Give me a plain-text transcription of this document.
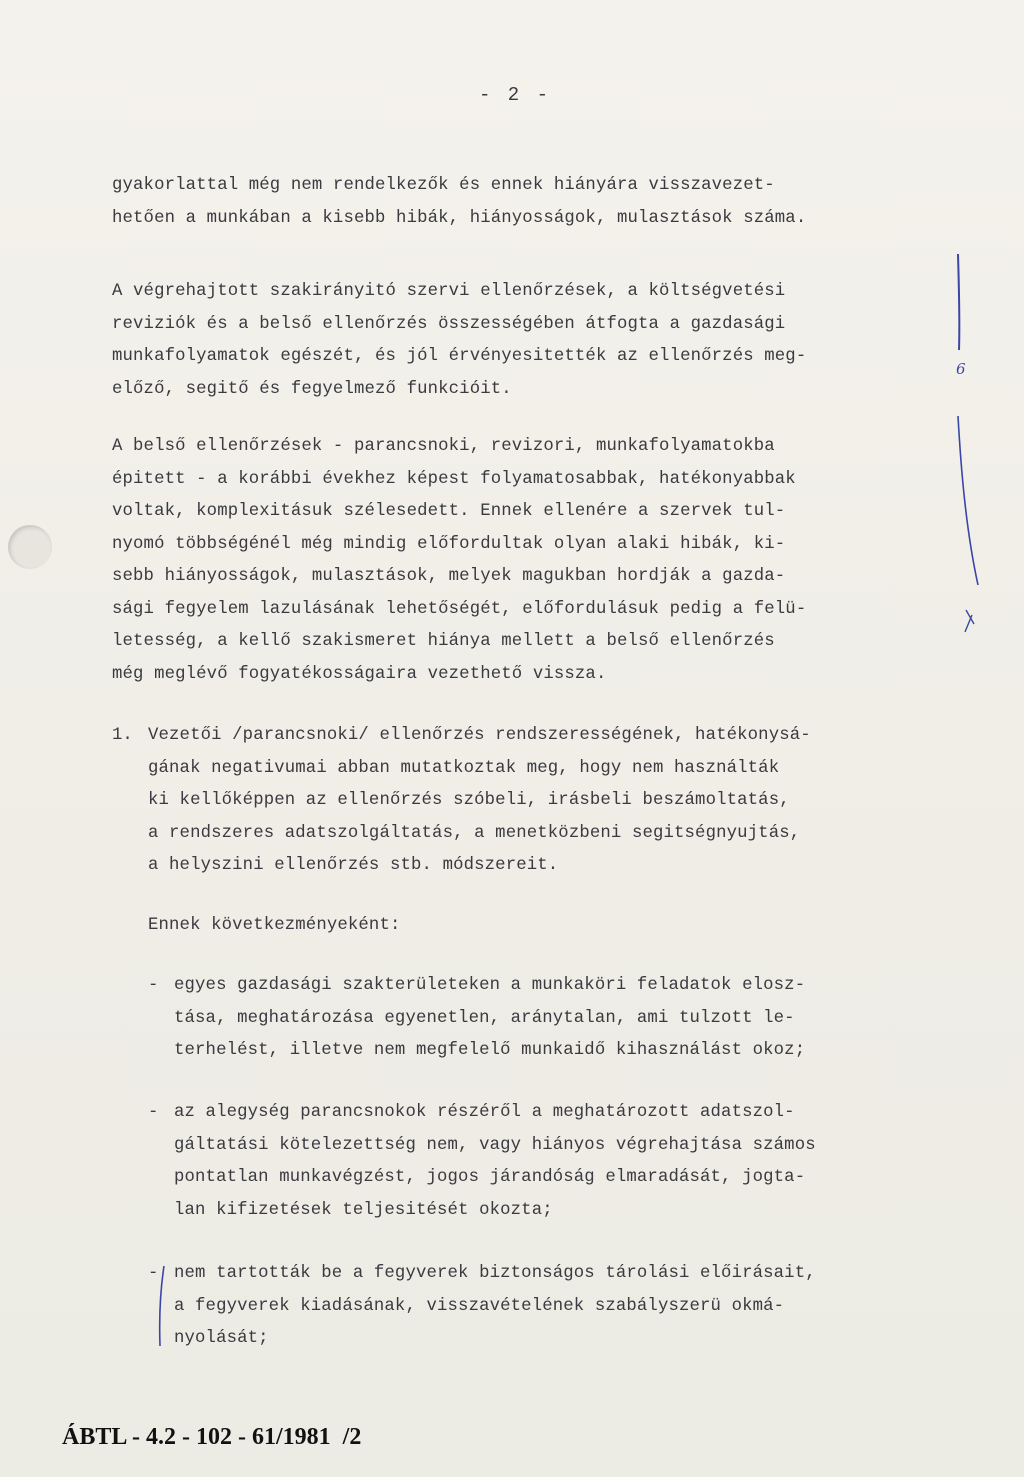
- 2 -
gyakorlattal még nem rendelkezők és ennek hiányára visszavezet-
hetően a munkában a kisebb hibák, hiányosságok, mulasztások száma.
A végrehajtott szakirányitó szervi ellenőrzések, a költségvetési
reviziók és a belső ellenőrzés összességében átfogta a gazdasági
munkafolyamatok egészét, és jól érvényesitették az ellenőrzés meg-
előző, segitő és fegyelmező funkcióit.
A belső ellenőrzések - parancsnoki, revizori, munkafolyamatokba
épitett - a korábbi évekhez képest folyamatosabbak, hatékonyabbak
voltak, komplexitásuk szélesedett. Ennek ellenére a szervek tul-
nyomó többségénél még mindig előfordultak olyan alaki hibák, ki-
sebb hiányosságok, mulasztások, melyek magukban hordják a gazda-
sági fegyelem lazulásának lehetőségét, előfordulásuk pedig a felü-
letesség, a kellő szakismeret hiánya mellett a belső ellenőrzés
még meglévő fogyatékosságaira vezethető vissza.
1. Vezetői /parancsnoki/ ellenőrzés rendszerességének, hatékonysá-
gának negativumai abban mutatkoztak meg, hogy nem használták
ki kellőképpen az ellenőrzés szóbeli, irásbeli beszámoltatás,
a rendszeres adatszolgáltatás, a menetközbeni segitségnyujtás,
a helyszini ellenőrzés stb. módszereit.
Ennek következményeként:
- egyes gazdasági szakterületeken a munkaköri feladatok elosz-
tása, meghatározása egyenetlen, aránytalan, ami tulzott le-
terhelést, illetve nem megfelelő munkaidő kihasználást okoz;
- az alegység parancsnokok részéről a meghatározott adatszol-
gáltatási kötelezettség nem, vagy hiányos végrehajtása számos
pontatlan munkavégzést, jogos járandóság elmaradását, jogta-
lan kifizetések teljesitését okozta;
- nem tartották be a fegyverek biztonságos tárolási előirásait,
a fegyverek kiadásának, visszavételének szabályszerü okmá-
nyolását;
6
ÁBTL - 4.2 - 102 - 61/1981  /2
